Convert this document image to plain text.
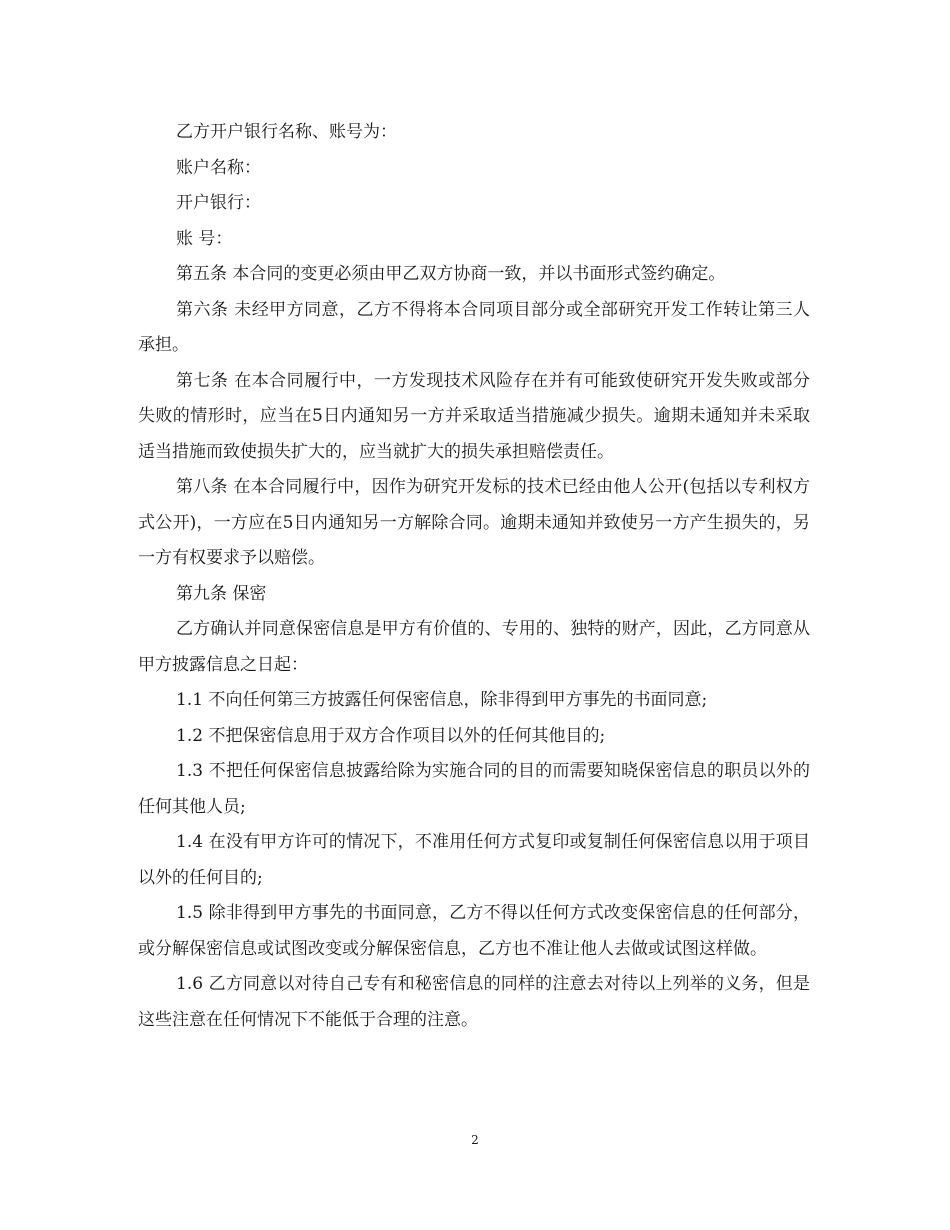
乙方开户银行名称、账号为：

账户名称：

开户银行：

账 号：

第五条 本合同的变更必须由甲乙双方协商一致，并以书面形式签约确定。

第六条 未经甲方同意，乙方不得将本合同项目部分或全部研究开发工作转让第三人承担。

第七条 在本合同履行中，一方发现技术风险存在并有可能致使研究开发失败或部分失败的情形时，应当在5日内通知另一方并采取适当措施减少损失。逾期未通知并未采取适当措施而致使损失扩大的，应当就扩大的损失承担赔偿责任。

第八条 在本合同履行中，因作为研究开发标的技术已经由他人公开(包括以专利权方式公开)，一方应在5日内通知另一方解除合同。逾期未通知并致使另一方产生损失的，另一方有权要求予以赔偿。

第九条 保密

乙方确认并同意保密信息是甲方有价值的、专用的、独特的财产，因此，乙方同意从甲方披露信息之日起：

1.1 不向任何第三方披露任何保密信息，除非得到甲方事先的书面同意;

1.2 不把保密信息用于双方合作项目以外的任何其他目的;

1.3 不把任何保密信息披露给除为实施合同的目的而需要知晓保密信息的职员以外的任何其他人员;

1.4 在没有甲方许可的情况下，不准用任何方式复印或复制任何保密信息以用于项目以外的任何目的;

1.5 除非得到甲方事先的书面同意，乙方不得以任何方式改变保密信息的任何部分，或分解保密信息或试图改变或分解保密信息，乙方也不准让他人去做或试图这样做。

1.6 乙方同意以对待自己专有和秘密信息的同样的注意去对待以上列举的义务，但是这些注意在任何情况下不能低于合理的注意。

2
